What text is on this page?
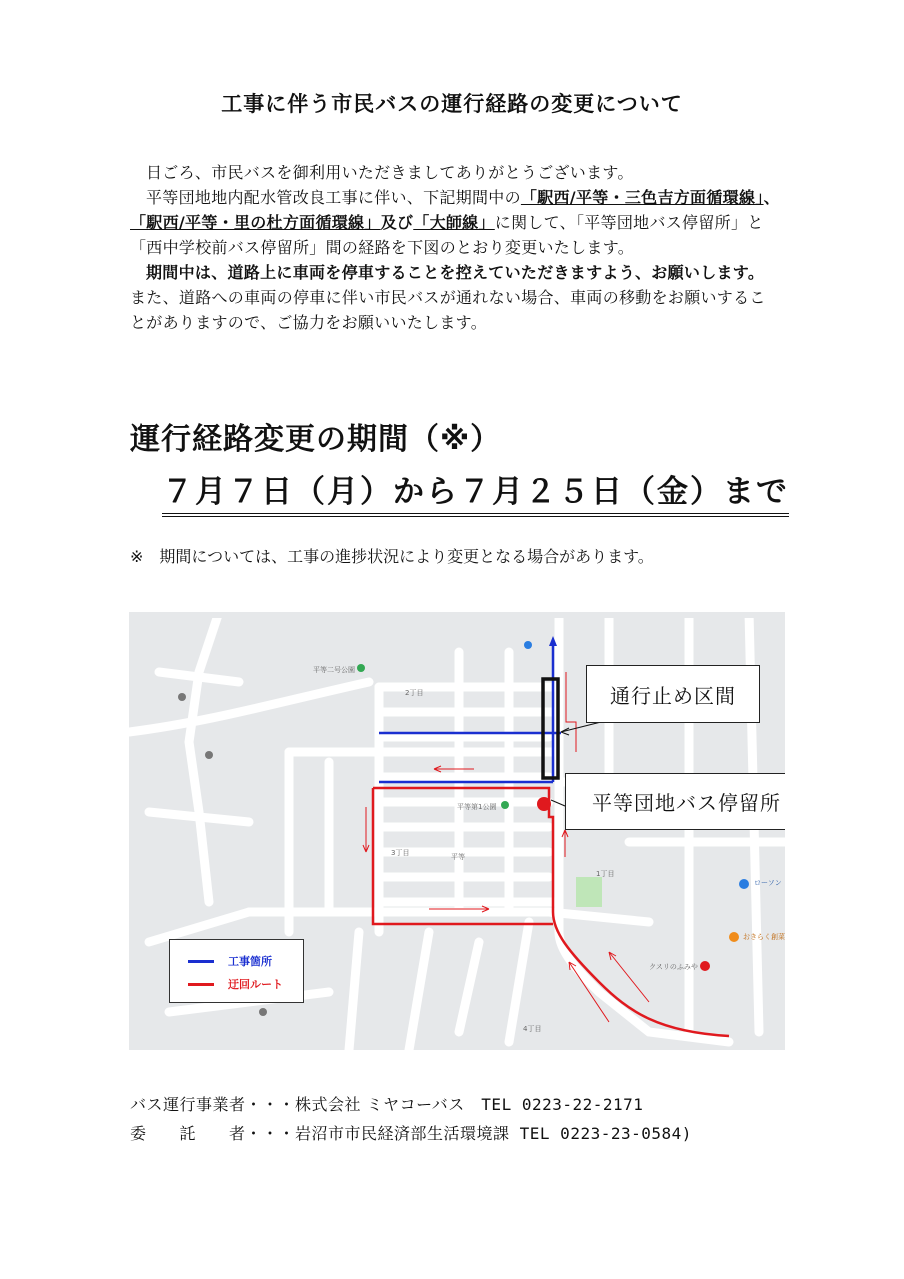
工事に伴う市民バスの運行経路の変更について
日ごろ、市民バスを御利用いただきましてありがとうございます。
平等団地地内配水管改良工事に伴い、下記期間中の「駅西/平等・三色吉方面循環線」、「駅西/平等・里の杜方面循環線」及び「大師線」に関して、「平等団地バス停留所」と「西中学校前バス停留所」間の経路を下図のとおり変更いたします。
期間中は、道路上に車両を停車することを控えていただきますよう、お願いします。また、道路への車両の停車に伴い市民バスが通れない場合、車両の移動をお願いすることがありますので、ご協力をお願いいたします。
運行経路変更の期間（※）
７月７日（月）から７月２５日（金）まで
※　期間については、工事の進捗状況により変更となる場合があります。
平等二号公園
平等第1公園
2丁目
3丁目	平等
1丁目
4丁目
クスリのふみや
ローソン
おきらく創菜
通行止め区間
平等団地バス停留所
工事箇所
迂回ルート
バス運行事業者・・・株式会社 ミヤコーバス　TEL 0223-22-2171
委　　託　　者・・・岩沼市市民経済部生活環境課 TEL 0223-23-0584)
